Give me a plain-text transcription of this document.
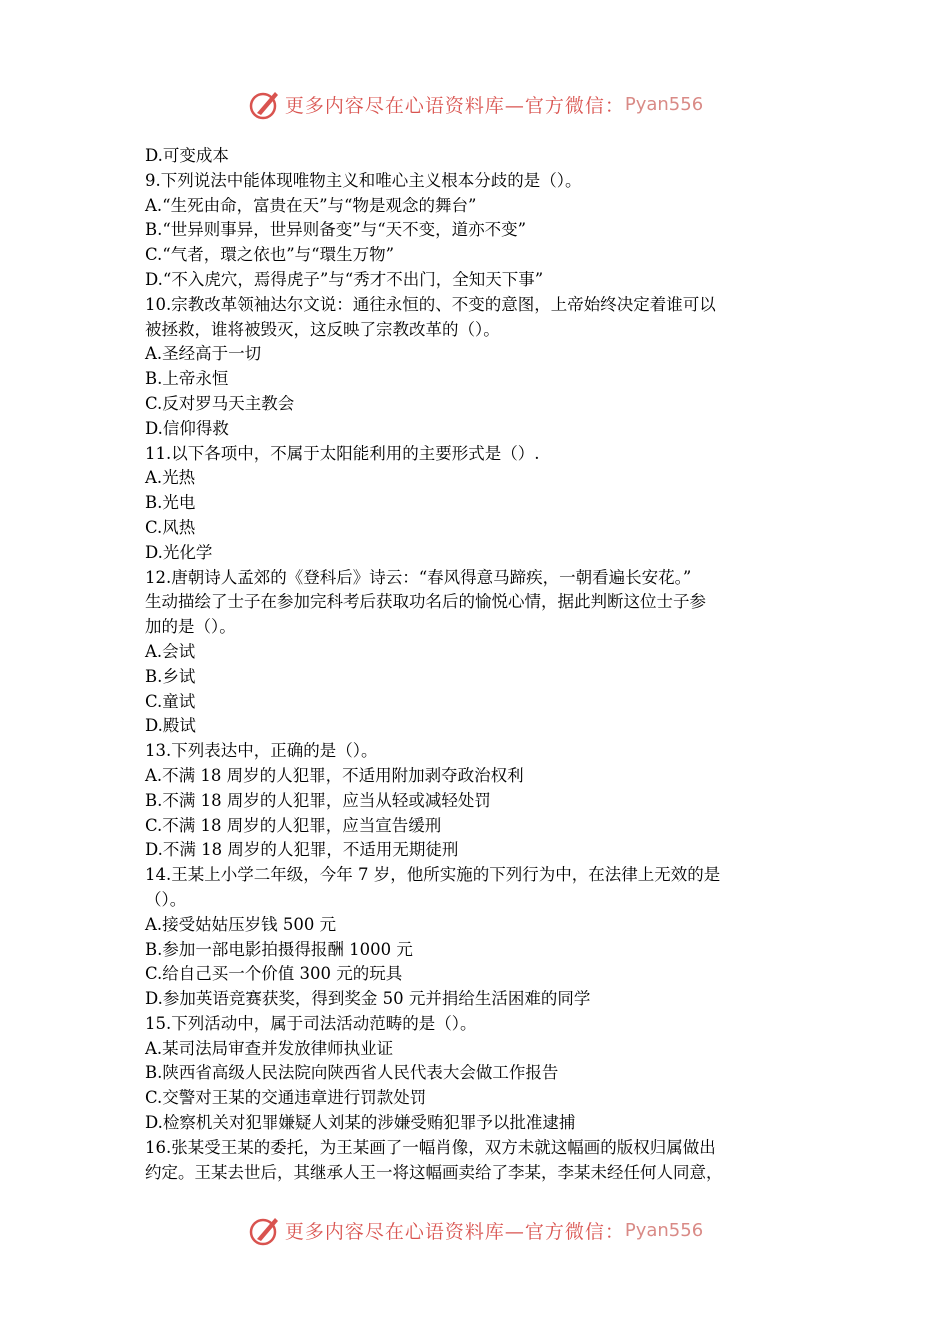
更多内容尽在心语资料库—官方微信： Pyan556
D.可变成本
9.下列说法中能体现唯物主义和唯心主义根本分歧的是（）。
A.“生死由命，富贵在天”与“物是观念的舞台”
B.“世异则事异，世异则备变”与“天不变，道亦不变”
C.“气者，環之依也”与“環生万物”
D.“不入虎穴，焉得虎子”与“秀才不出门，全知天下事”
10.宗教改革领袖达尔文说：通往永恒的、不变的意图，上帝始终决定着谁可以
被拯救，谁将被毁灭，这反映了宗教改革的（）。
A.圣经高于一切
B.上帝永恒
C.反对罗马天主教会
D.信仰得救
11.以下各项中，不属于太阳能利用的主要形式是（）.
A.光热
B.光电
C.风热
D.光化学
12.唐朝诗人孟郊的《登科后》诗云：“春风得意马蹄疾，一朝看遍长安花。”
生动描绘了士子在参加完科考后获取功名后的愉悦心情，据此判断这位士子参
加的是（）。
A.会试
B.乡试
C.童试
D.殿试
13.下列表达中，正确的是（）。
A.不满 18 周岁的人犯罪，不适用附加剥夺政治权利
B.不满 18 周岁的人犯罪，应当从轻或减轻处罚
C.不满 18 周岁的人犯罪，应当宣告缓刑
D.不满 18 周岁的人犯罪，不适用无期徒刑
14.王某上小学二年级，今年 7 岁，他所实施的下列行为中，在法律上无效的是
（）。
A.接受姑姑压岁钱 500 元
B.参加一部电影拍摄得报酬 1000 元
C.给自己买一个价值 300 元的玩具
D.参加英语竞赛获奖，得到奖金 50 元并捐给生活困难的同学
15.下列活动中，属于司法活动范畴的是（）。
A.某司法局审查并发放律师执业证
B.陕西省高级人民法院向陕西省人民代表大会做工作报告
C.交警对王某的交通违章进行罚款处罚
D.检察机关对犯罪嫌疑人刘某的涉嫌受贿犯罪予以批准逮捕
16.张某受王某的委托，为王某画了一幅肖像，双方未就这幅画的版权归属做出
约定。王某去世后，其继承人王一将这幅画卖给了李某，李某未经任何人同意，
更多内容尽在心语资料库—官方微信： Pyan556
